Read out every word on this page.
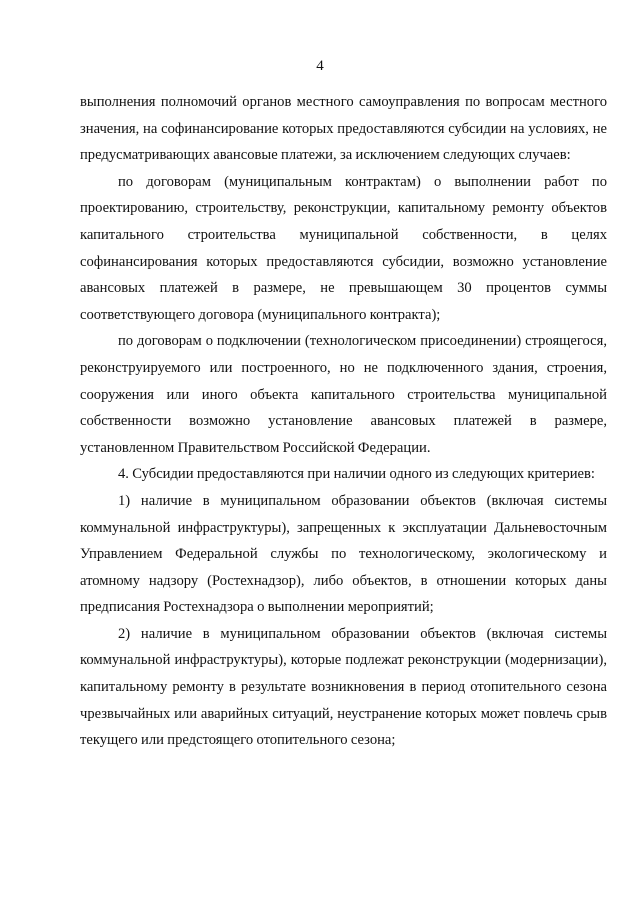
4

выполнения полномочий органов местного самоуправления по вопросам местного значения, на софинансирование которых предоставляются субсидии на условиях, не предусматривающих авансовые платежи, за исключением следующих случаев:

по договорам (муниципальным контрактам) о выполнении работ по проектированию, строительству, реконструкции, капитальному ремонту объектов капитального строительства муниципальной собственности, в целях софинансирования которых предоставляются субсидии, возможно установление авансовых платежей в размере, не превышающем 30 процентов суммы соответствующего договора (муниципального контракта);

по договорам о подключении (технологическом присоединении) строящегося, реконструируемого или построенного, но не подключенного здания, строения, сооружения или иного объекта капитального строительства муниципальной собственности возможно установление авансовых платежей в размере, установленном Правительством Российской Федерации.

4. Субсидии предоставляются при наличии одного из следующих критериев:

1) наличие в муниципальном образовании объектов (включая системы коммунальной инфраструктуры), запрещенных к эксплуатации Дальневосточным Управлением Федеральной службы по технологическому, экологическому и атомному надзору (Ростехнадзор), либо объектов, в отношении которых даны предписания Ростехнадзора о выполнении мероприятий;

2) наличие в муниципальном образовании объектов (включая системы коммунальной инфраструктуры), которые подлежат реконструкции (модернизации), капитальному ремонту в результате возникновения в период отопительного сезона чрезвычайных или аварийных ситуаций, неустранение которых может повлечь срыв текущего или предстоящего отопительного сезона;
